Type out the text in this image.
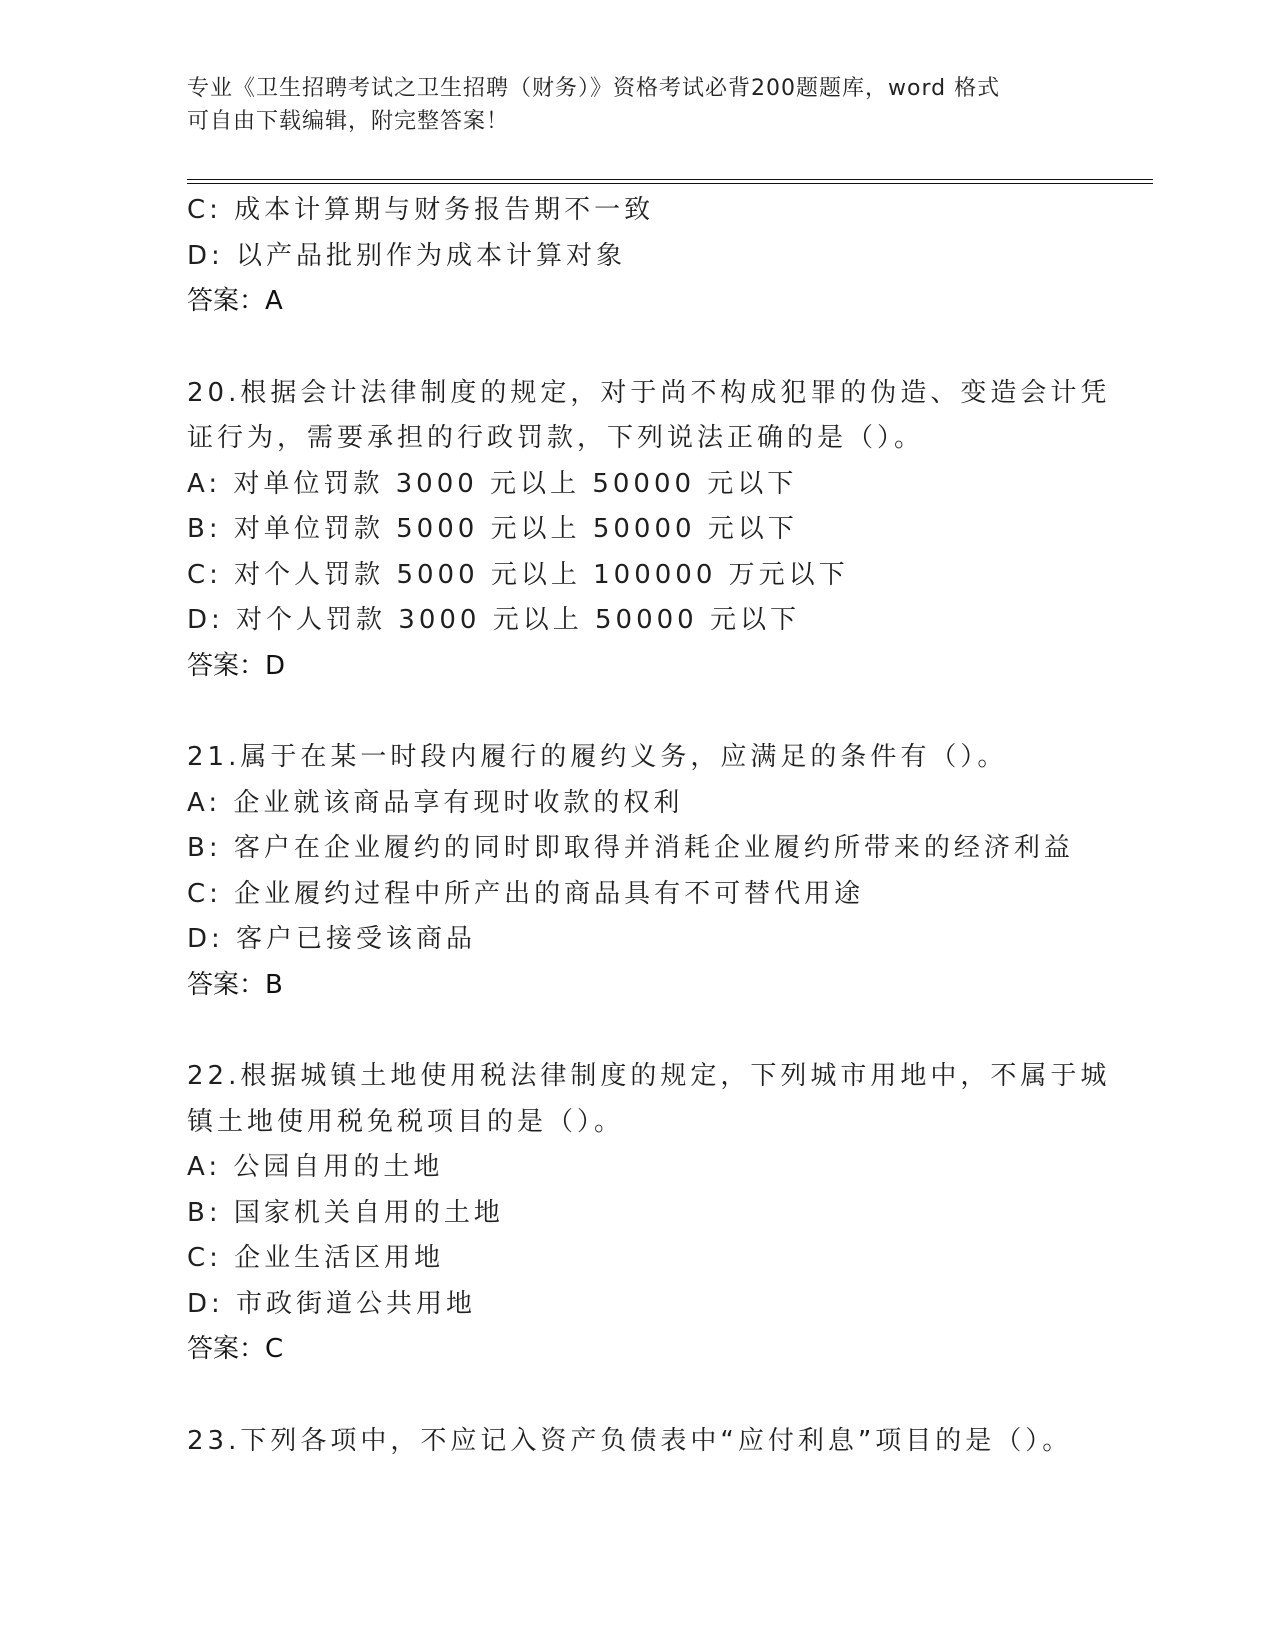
专业《卫生招聘考试之卫生招聘（财务）》资格考试必背200题题库，word 格式

可自由下载编辑，附完整答案！

C: 成本计算期与财务报告期不一致
D: 以产品批别作为成本计算对象
答案：A
20.根据会计法律制度的规定，对于尚不构成犯罪的伪造、变造会计凭
证行为，需要承担的行政罚款，下列说法正确的是（）。
A: 对单位罚款 3000 元以上 50000 元以下
B: 对单位罚款 5000 元以上 50000 元以下
C: 对个人罚款 5000 元以上 100000 万元以下
D: 对个人罚款 3000 元以上 50000 元以下
答案：D
21.属于在某一时段内履行的履约义务，应满足的条件有（）。
A: 企业就该商品享有现时收款的权利
B: 客户在企业履约的同时即取得并消耗企业履约所带来的经济利益
C: 企业履约过程中所产出的商品具有不可替代用途
D: 客户已接受该商品
答案：B
22.根据城镇土地使用税法律制度的规定，下列城市用地中，不属于城
镇土地使用税免税项目的是（）。
A: 公园自用的土地
B: 国家机关自用的土地
C: 企业生活区用地
D: 市政街道公共用地
答案：C
23.下列各项中，不应记入资产负债表中“应付利息”项目的是（）。
